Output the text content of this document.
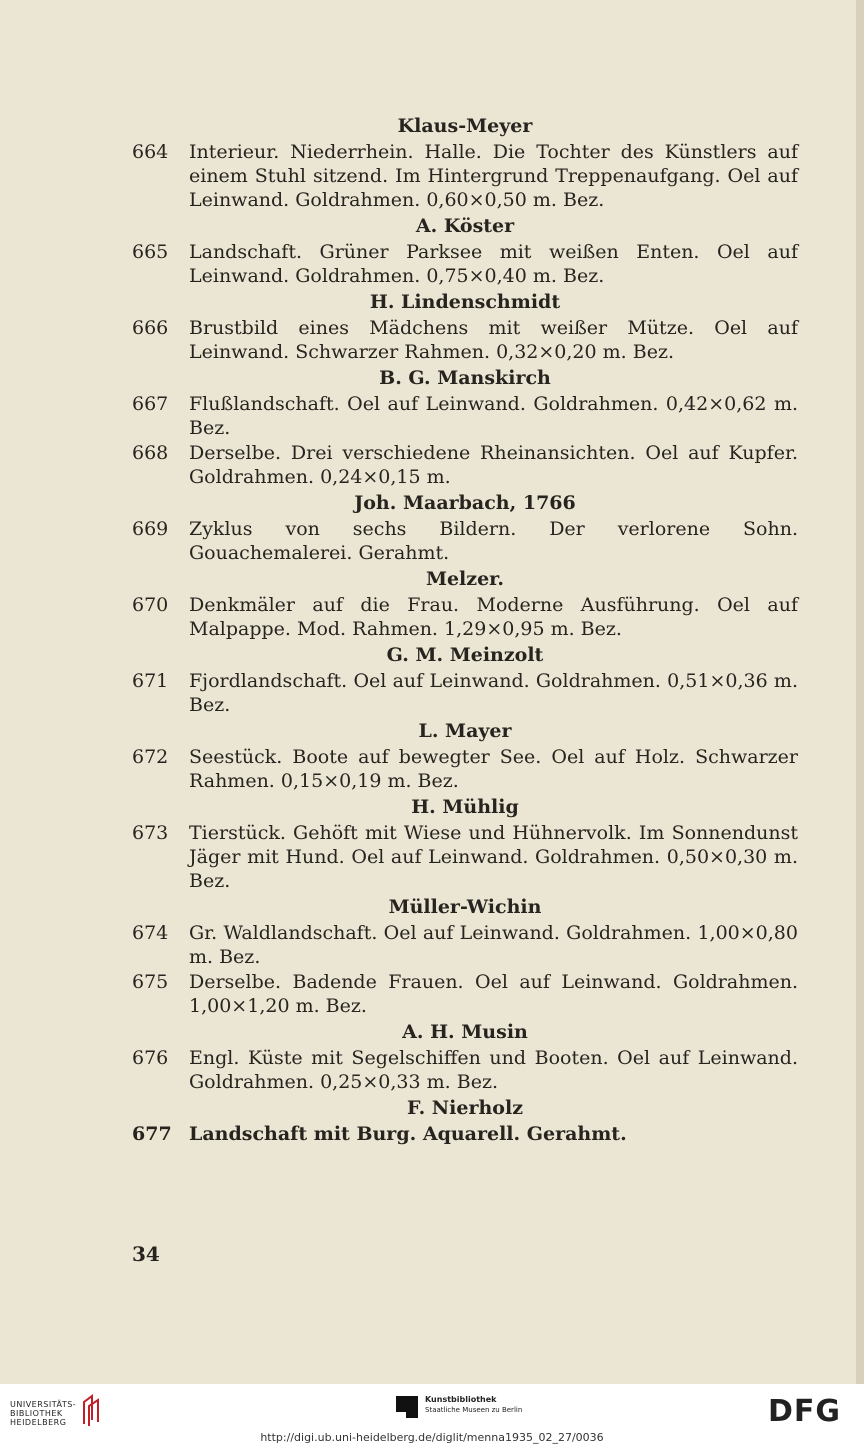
Klaus-Meyer
664 Interieur. Niederrhein. Halle. Die Tochter des Künstlers auf einem Stuhl sitzend. Im Hintergrund Treppenaufgang. Oel auf Leinwand. Goldrahmen. 0,60×0,50 m. Bez.
A. Köster
665 Landschaft. Grüner Parksee mit weißen Enten. Oel auf Leinwand. Goldrahmen. 0,75×0,40 m. Bez.
H. Lindenschmidt
666 Brustbild eines Mädchens mit weißer Mütze. Oel auf Leinwand. Schwarzer Rahmen. 0,32×0,20 m. Bez.
B. G. Manskirch
667 Flußlandschaft. Oel auf Leinwand. Goldrahmen. 0,42×0,62 m. Bez.
668 Derselbe. Drei verschiedene Rheinansichten. Oel auf Kupfer. Goldrahmen. 0,24×0,15 m.
Joh. Maarbach, 1766
669 Zyklus von sechs Bildern. Der verlorene Sohn. Gouachemalerei. Gerahmt.
Melzer.
670 Denkmäler auf die Frau. Moderne Ausführung. Oel auf Malpappe. Mod. Rahmen. 1,29×0,95 m. Bez.
G. M. Meinzolt
671 Fjordlandschaft. Oel auf Leinwand. Goldrahmen. 0,51×0,36 m. Bez.
L. Mayer
672 Seestück. Boote auf bewegter See. Oel auf Holz. Schwarzer Rahmen. 0,15×0,19 m. Bez.
H. Mühlig
673 Tierstück. Gehöft mit Wiese und Hühnervolk. Im Sonnendunst Jäger mit Hund. Oel auf Leinwand. Goldrahmen. 0,50×0,30 m. Bez.
Müller-Wichin
674 Gr. Waldlandschaft. Oel auf Leinwand. Goldrahmen. 1,00×0,80 m. Bez.
675 Derselbe. Badende Frauen. Oel auf Leinwand. Goldrahmen. 1,00×1,20 m. Bez.
A. H. Musin
676 Engl. Küste mit Segelschiffen und Booten. Oel auf Leinwand. Goldrahmen. 0,25×0,33 m. Bez.
F. Nierholz
677 Landschaft mit Burg. Aquarell. Gerahmt.
34
UNIVERSITÄTS-
BIBLIOTHEK
HEIDELBERG
Kunstbibliothek
Staatliche Museen zu Berlin	DFG
http://digi.ub.uni-heidelberg.de/diglit/menna1935_02_27/0036
